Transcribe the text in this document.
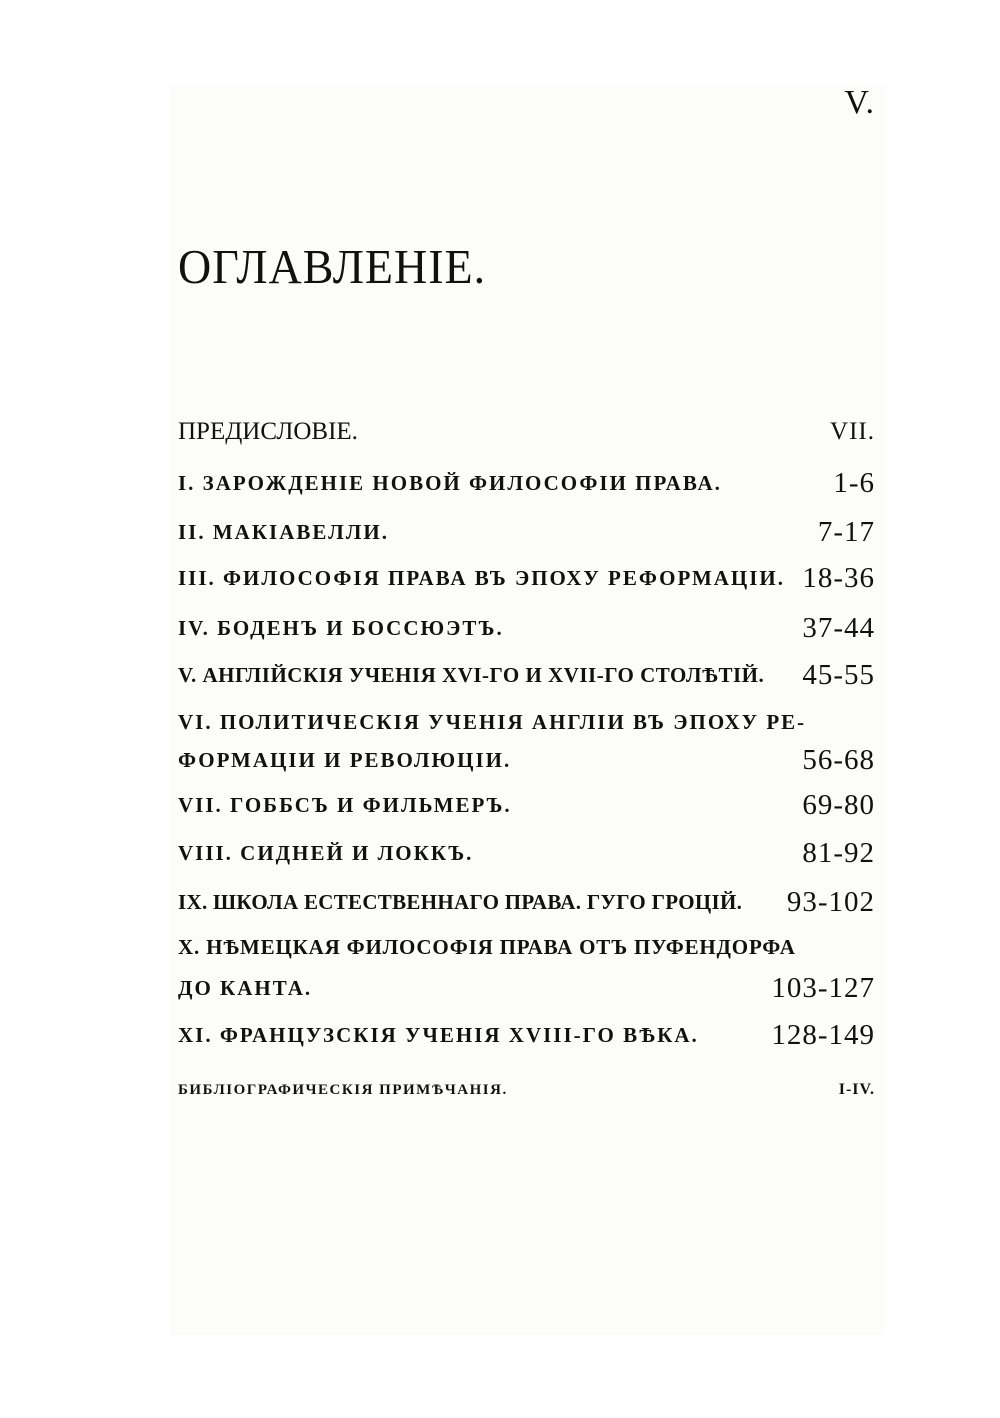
V.
ОГЛАВЛЕНІЕ.
ПРЕДИСЛОВІЕ.	VII.
I. ЗАРОЖДЕНІЕ НОВОЙ ФИЛОСОФІИ ПРАВА.	1-6
II. МАКІАВЕЛЛИ.	7-17
III. ФИЛОСОФІЯ ПРАВА ВЪ ЭПОХУ РЕФОРМАЦІИ. 18-36
IV. БОДЕНЪ И БОССЮЭТЪ.	37-44
V. АНГЛІЙСКІЯ УЧЕНІЯ XVI-ГО И XVII-ГО СТОЛѢТІЙ. 45-55
VI. ПОЛИТИЧЕСКІЯ УЧЕНІЯ АНГЛІИ ВЪ ЭПОХУ РЕ-
ФОРМАЦІИ И РЕВОЛЮЦІИ.	56-68
VII. ГОББСЪ И ФИЛЬМЕРЪ.	69-80
VIII. СИДНЕЙ И ЛОККЪ.	81-92
IX. ШКОЛА ЕСТЕСТВЕННАГО ПРАВА. ГУГО ГРОЦІЙ. 93-102
X. НѢМЕЦКАЯ ФИЛОСОФІЯ ПРАВА ОТЪ ПУФЕНДОРФА
ДО КАНТА.	103-127
XI. ФРАНЦУЗСКІЯ УЧЕНІЯ XVIII-ГО ВѢКА.	128-149
БИБЛІОГРАФИЧЕСКІЯ ПРИМѢЧАНІЯ.	I-IV.
